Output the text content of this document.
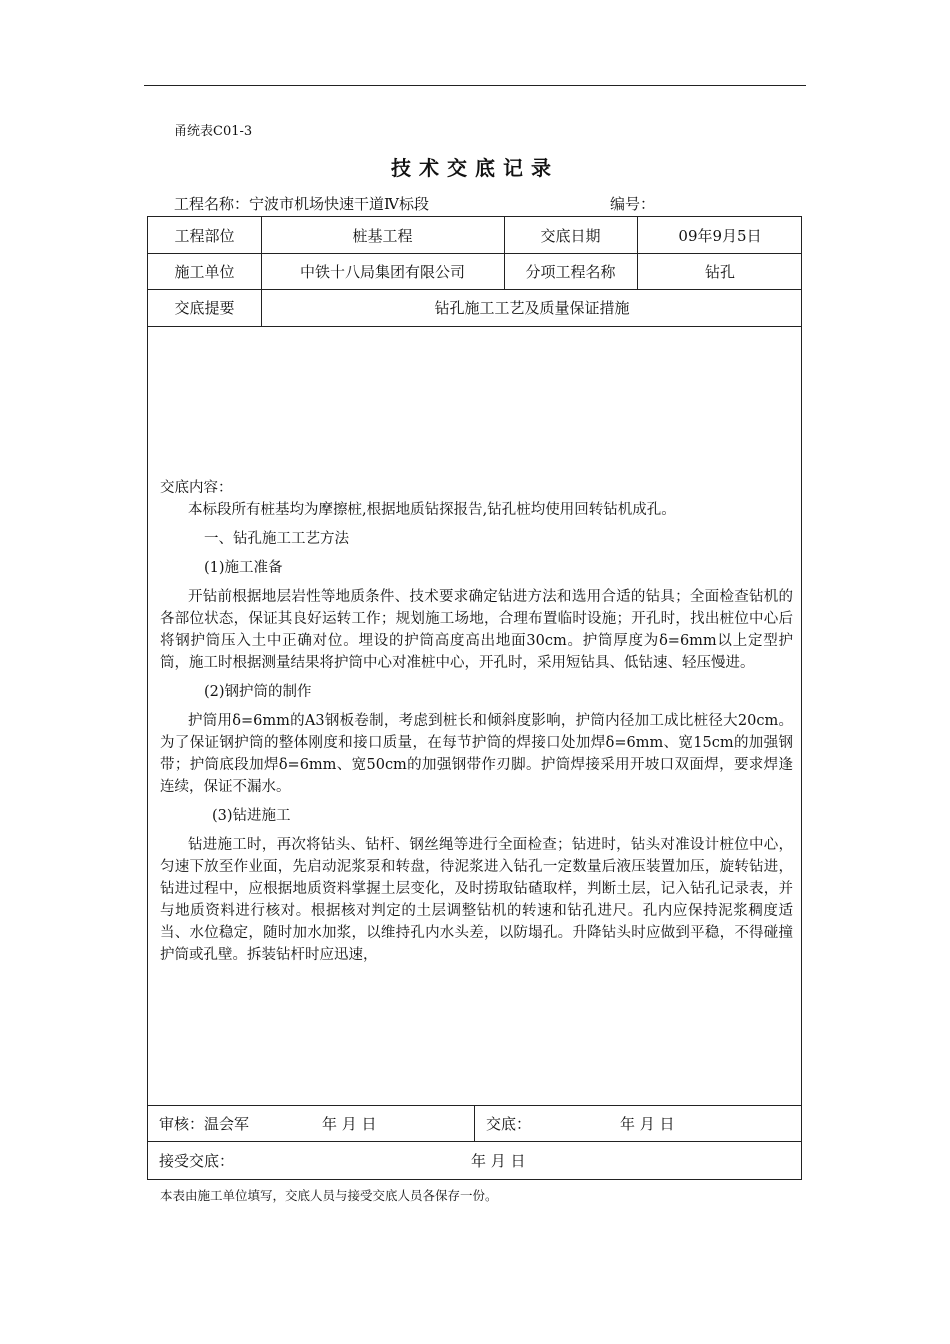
甬统表C01-3
技术交底记录
工程名称：宁波市机场快速干道Ⅳ标段	编号：
工程部位	桩基工程	交底日期	09年9月5日
施工单位	中铁十八局集团有限公司	分项工程名称	钻孔
交底提要	钻孔施工工艺及质量保证措施

交底内容：

本标段所有桩基均为摩擦桩,根据地质钻探报告,钻孔桩均使用回转钻机成孔。

一、钻孔施工工艺方法

(1)施工准备

开钻前根据地层岩性等地质条件、技术要求确定钻进方法和选用合适的钻具；全面检查钻机的各部位状态，保证其良好运转工作；规划施工场地，合理布置临时设施；开孔时，找出桩位中心后将钢护筒压入土中正确对位。埋设的护筒高度高出地面30cm。护筒厚度为δ=6mm以上定型护筒，施工时根据测量结果将护筒中心对准桩中心，开孔时，采用短钻具、低钻速、轻压慢进。

(2)钢护筒的制作

护筒用δ=6mm的A3钢板卷制，考虑到桩长和倾斜度影响，护筒内径加工成比桩径大20cm。为了保证钢护筒的整体刚度和接口质量，在每节护筒的焊接口处加焊δ=6mm、宽15cm的加强钢带；护筒底段加焊δ=6mm、宽50cm的加强钢带作刃脚。护筒焊接采用开坡口双面焊，要求焊逢连续，保证不漏水。

(3)钻进施工

钻进施工时，再次将钻头、钻杆、钢丝绳等进行全面检查；钻进时，钻头对准设计桩位中心，匀速下放至作业面，先启动泥浆泵和转盘，待泥浆进入钻孔一定数量后液压装置加压，旋转钻进，钻进过程中，应根据地质资料掌握土层变化，及时捞取钻碴取样，判断土层，记入钻孔记录表，并与地质资料进行核对。根据核对判定的土层调整钻机的转速和钻孔进尺。孔内应保持泥浆稠度适当、水位稳定，随时加水加浆，以维持孔内水头差，以防塌孔。升降钻头时应做到平稳，不得碰撞护筒或孔壁。拆装钻杆时应迅速，

审核：温会军	年 月 日	交底：	年 月 日
接受交底：	年 月 日
本表由施工单位填写，交底人员与接受交底人员各保存一份。
